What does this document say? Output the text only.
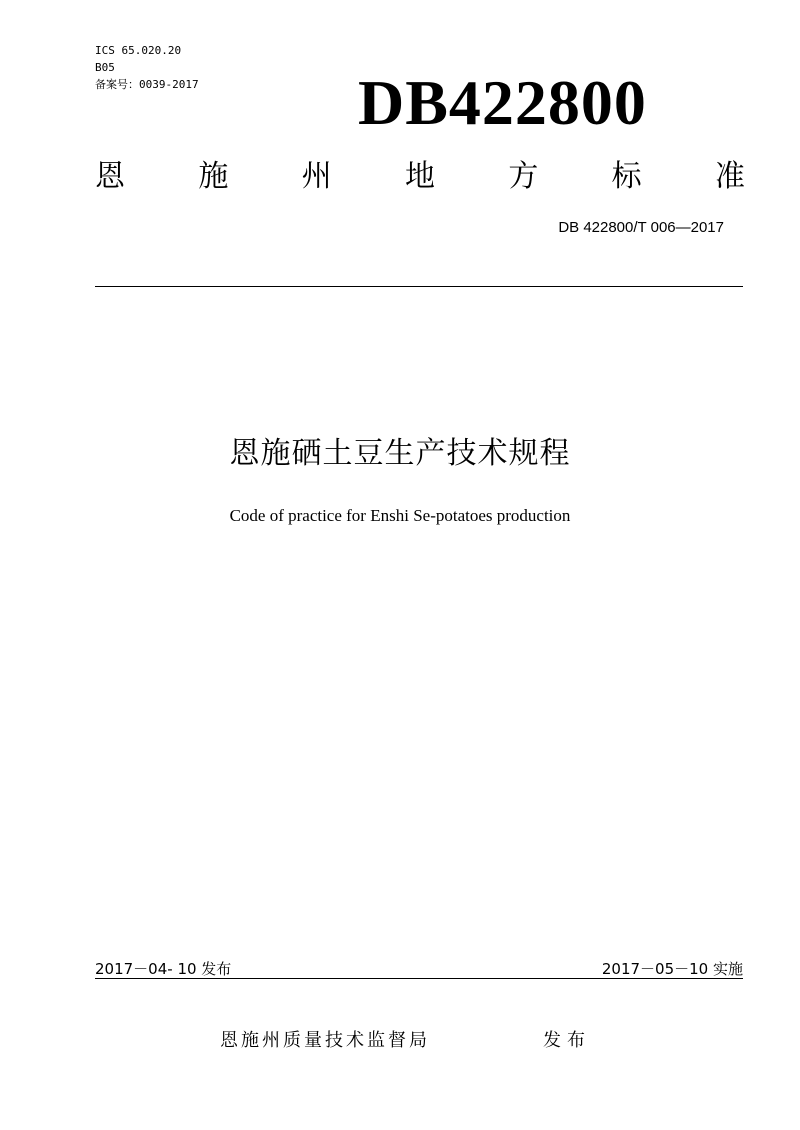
ICS 65.020.20
B05
备案号：0039-2017 DB422800
恩 施 州 地 方 标 准
DB 422800/T 006—2017
恩施硒土豆生产技术规程
Code of practice for Enshi Se-potatoes production
2017－04- 10 发布	2017－05－10 实施
恩施州质量技术监督局	发布
